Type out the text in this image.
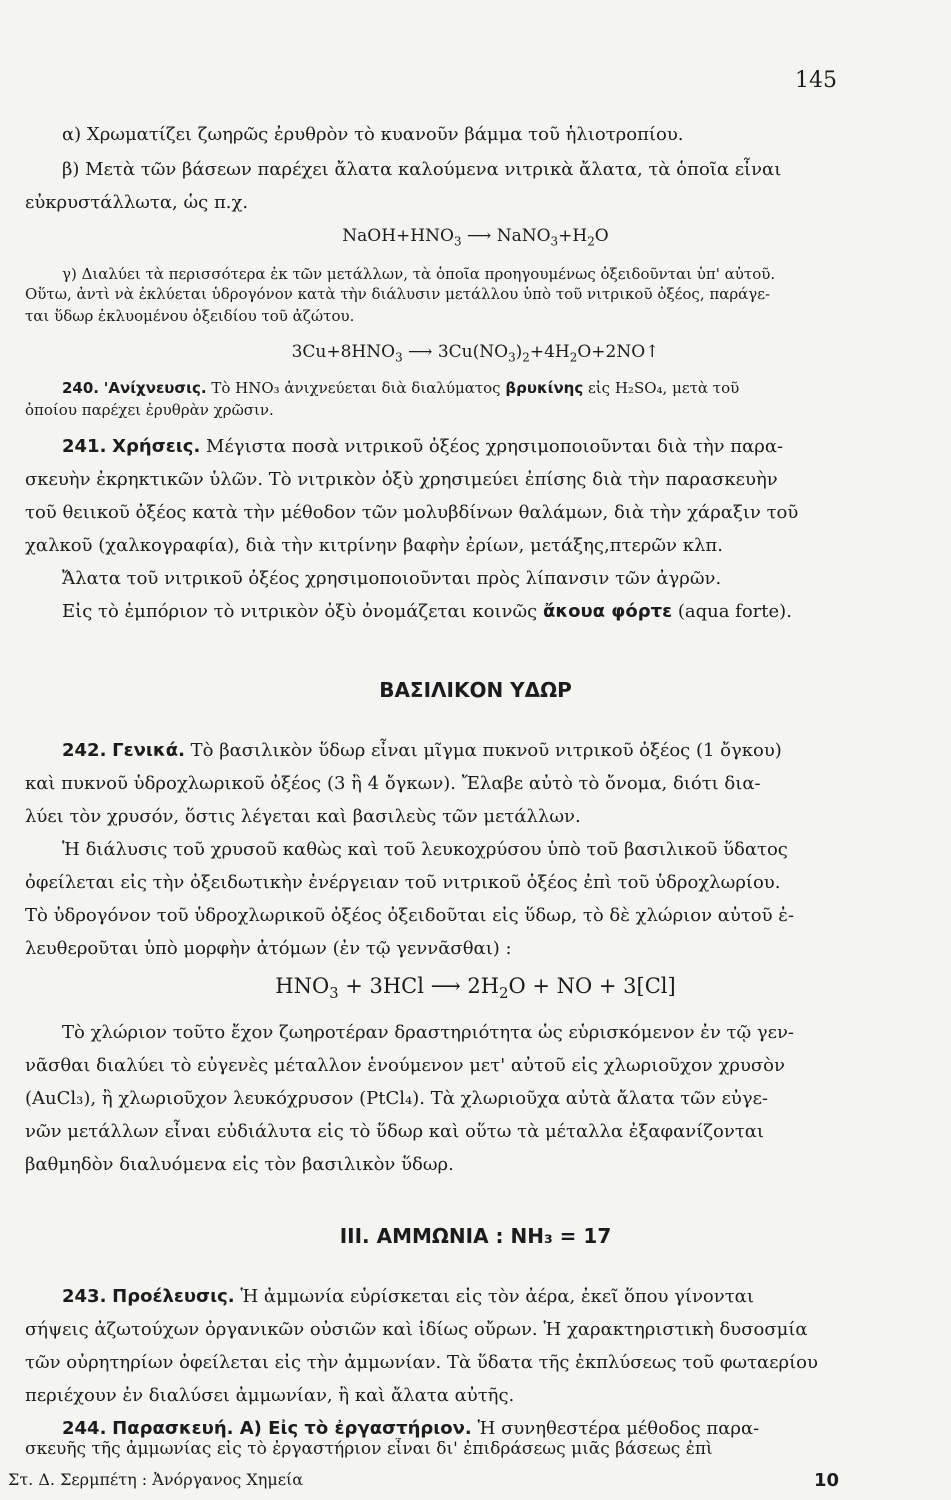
145
α) Χρωματίζει ζωηρῶς ἐρυθρὸν τὸ κυανοῦν βάμμα τοῦ ἡλιοτροπίου.
β) Μετὰ τῶν βάσεων παρέχει ἄλατα καλούμενα νιτρικὰ ἄλατα, τὰ ὁποῖα εἶναι
εὐκρυστάλλωτα, ὡς π.χ.
$NaOH+HNO_3$ ⟶ $NaNO_3+H_2O$
γ) Διαλύει τὰ περισσότερα ἐκ τῶν μετάλλων, τὰ ὁποῖα προηγουμένως ὀξειδοῦνται ὑπ' αὐτοῦ.
Οὕτω, ἀντὶ νὰ ἐκλύεται ὑδρογόνον κατὰ τὴν διάλυσιν μετάλλου ὑπὸ τοῦ νιτρικοῦ ὀξέος, παράγε-
ται ὕδωρ ἐκλυομένου ὀξειδίου τοῦ ἀζώτου.
$3Cu+8HNO_3$ ⟶ $3Cu(NO_3)_2+4H_2O+2NO↑$
240. 'Ανίχνευσις. Τὸ HNO₃ ἀνιχνεύεται διὰ διαλύματος βρυκίνης εἰς H₂SO₄, μετὰ τοῦ
ὁποίου παρέχει ἐρυθρὰν χρῶσιν.
241. Χρήσεις. Μέγιστα ποσὰ νιτρικοῦ ὀξέος χρησιμοποιοῦνται διὰ τὴν παρα-
σκευὴν ἐκρηκτικῶν ὑλῶν. Τὸ νιτρικὸν ὀξὺ χρησιμεύει ἐπίσης διὰ τὴν παρασκευὴν
τοῦ θειικοῦ ὀξέος κατὰ τὴν μέθοδον τῶν μολυβδίνων θαλάμων, διὰ τὴν χάραξιν τοῦ
χαλκοῦ (χαλκογραφία), διὰ τὴν κιτρίνην βαφὴν ἐρίων, μετάξης,πτερῶν κλπ.
Ἄλατα τοῦ νιτρικοῦ ὀξέος χρησιμοποιοῦνται πρὸς λίπανσιν τῶν ἀγρῶν.
Εἰς τὸ ἐμπόριον τὸ νιτρικὸν ὀξὺ ὀνομάζεται κοινῶς ἄκουα φόρτε (aqua forte).
ΒΑΣΙΛΙΚΟΝ ΥΔΩΡ
242. Γενικά. Τὸ βασιλικὸν ὕδωρ εἶναι μῖγμα πυκνοῦ νιτρικοῦ ὀξέος (1 ὄγκου)
καὶ πυκνοῦ ὑδροχλωρικοῦ ὀξέος (3 ἢ 4 ὄγκων). Ἔλαβε αὐτὸ τὸ ὄνομα, διότι δια-
λύει τὸν χρυσόν, ὅστις λέγεται καὶ βασιλεὺς τῶν μετάλλων.
Ἡ διάλυσις τοῦ χρυσοῦ καθὼς καὶ τοῦ λευκοχρύσου ὑπὸ τοῦ βασιλικοῦ ὕδατος
ὀφείλεται εἰς τὴν ὀξειδωτικὴν ἐνέργειαν τοῦ νιτρικοῦ ὀξέος ἐπὶ τοῦ ὑδροχλωρίου.
Τὸ ὑδρογόνον τοῦ ὑδροχλωρικοῦ ὀξέος ὀξειδοῦται εἰς ὕδωρ, τὸ δὲ χλώριον αὐτοῦ ἐ-
λευθεροῦται ὑπὸ μορφὴν ἀτόμων (ἐν τῷ γεννᾶσθαι) :
$HNO_3 + 3HCl$ ⟶ $2H_2O$ + NO + 3[Cl]
Τὸ χλώριον τοῦτο ἔχον ζωηροτέραν δραστηριότητα ὡς εὑρισκόμενον ἐν τῷ γεν-
νᾶσθαι διαλύει τὸ εὐγενὲς μέταλλον ἑνούμενον μετ' αὐτοῦ εἰς χλωριοῦχον χρυσὸν
(AuCl₃), ἢ χλωριοῦχον λευκόχρυσον (PtCl₄). Τὰ χλωριοῦχα αὐτὰ ἄλατα τῶν εὐγε-
νῶν μετάλλων εἶναι εὐδιάλυτα εἰς τὸ ὕδωρ καὶ οὕτω τὰ μέταλλα ἐξαφανίζονται
βαθμηδὸν διαλυόμενα εἰς τὸν βασιλικὸν ὕδωρ.
III. ΑΜΜΩΝΙΑ : NH₃ = 17
243. Προέλευσις. Ἡ ἀμμωνία εὑρίσκεται εἰς τὸν ἀέρα, ἐκεῖ ὅπου γίνονται
σήψεις ἀζωτούχων ὀργανικῶν οὐσιῶν καὶ ἰδίως οὔρων. Ἡ χαρακτηριστικὴ δυσοσμία
τῶν οὐρητηρίων ὀφείλεται εἰς τὴν ἀμμωνίαν. Τὰ ὕδατα τῆς ἐκπλύσεως τοῦ φωταερίου
περιέχουν ἐν διαλύσει ἀμμωνίαν, ἢ καὶ ἄλατα αὐτῆς.
244. Παρασκευή. Α) Εἰς τὸ ἐργαστήριον. Ἡ συνηθεστέρα μέθοδος παρα-
σκευῆς τῆς ἀμμωνίας εἰς τὸ ἐργαστήριον εἶναι δι' ἐπιδράσεως μιᾶς βάσεως ἐπὶ
Στ. Δ. Σερμπέτη : Ἀνόργανος Χημεία	10
